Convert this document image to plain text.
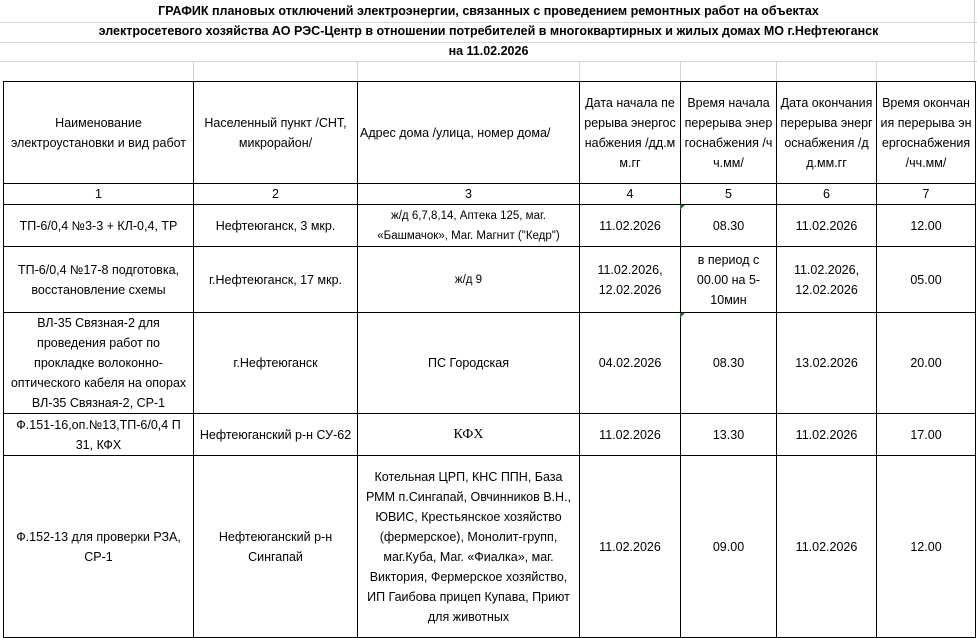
ГРАФИК плановых отключений электроэнергии, связанных с проведением ремонтных работ на объектах
электросетевого хозяйства АО РЭС-Центр в отношении потребителей в многоквартирных и жилых домах МО г.Нефтеюганск
на 11.02.2026
Наименование электроустановки и вид работ	Населенный пункт /СНТ, микрорайон/	Адрес дома /улица, номер дома/	Дата начала перерыва энергоснабжения /дд.мм.гг	Время начала перерыва энергоснабжения /чч.мм/	Дата окончания перерыва энергоснабжения /дд.мм.гг	Время окончания перерыва энергоснабжения /чч.мм/
1	2	3	4	5	6	7
ТП-6/0,4 №3-3 + КЛ-0,4, ТР	Нефтеюганск, 3 мкр.	ж/д 6,7,8,14, Аптека 125, маг. «Башмачок», Маг. Магнит ("Кедр")	11.02.2026	08.30	11.02.2026	12.00
ТП-6/0,4 №17-8 подготовка, восстановление схемы	г.Нефтеюганск, 17 мкр.	ж/д 9	11.02.2026, 12.02.2026	в период с 00.00 на 5-10мин	11.02.2026, 12.02.2026	05.00
ВЛ-35 Связная-2 для проведения работ по прокладке волоконно-оптического кабеля на опорах ВЛ-35 Связная-2, СР-1	г.Нефтеюганск	ПС Городская	04.02.2026	08.30	13.02.2026	20.00
Ф.151-16,оп.№13,ТП-6/0,4 П 31, КФХ	Нефтеюганский р-н СУ-62	КФХ	11.02.2026	13.30	11.02.2026	17.00
Ф.152-13 для проверки РЗА, СР-1	Нефтеюганский р-н Сингапай	Котельная ЦРП, КНС ППН, База РММ п.Сингапай, Овчинников В.Н., ЮВИС, Крестьянское хозяйство (фермерское), Монолит-групп, маг.Куба, Маг. «Фиалка», маг. Виктория, Фермерское хозяйство, ИП Гаибова прицеп Купава, Приют для животных	11.02.2026	09.00	11.02.2026	12.00
